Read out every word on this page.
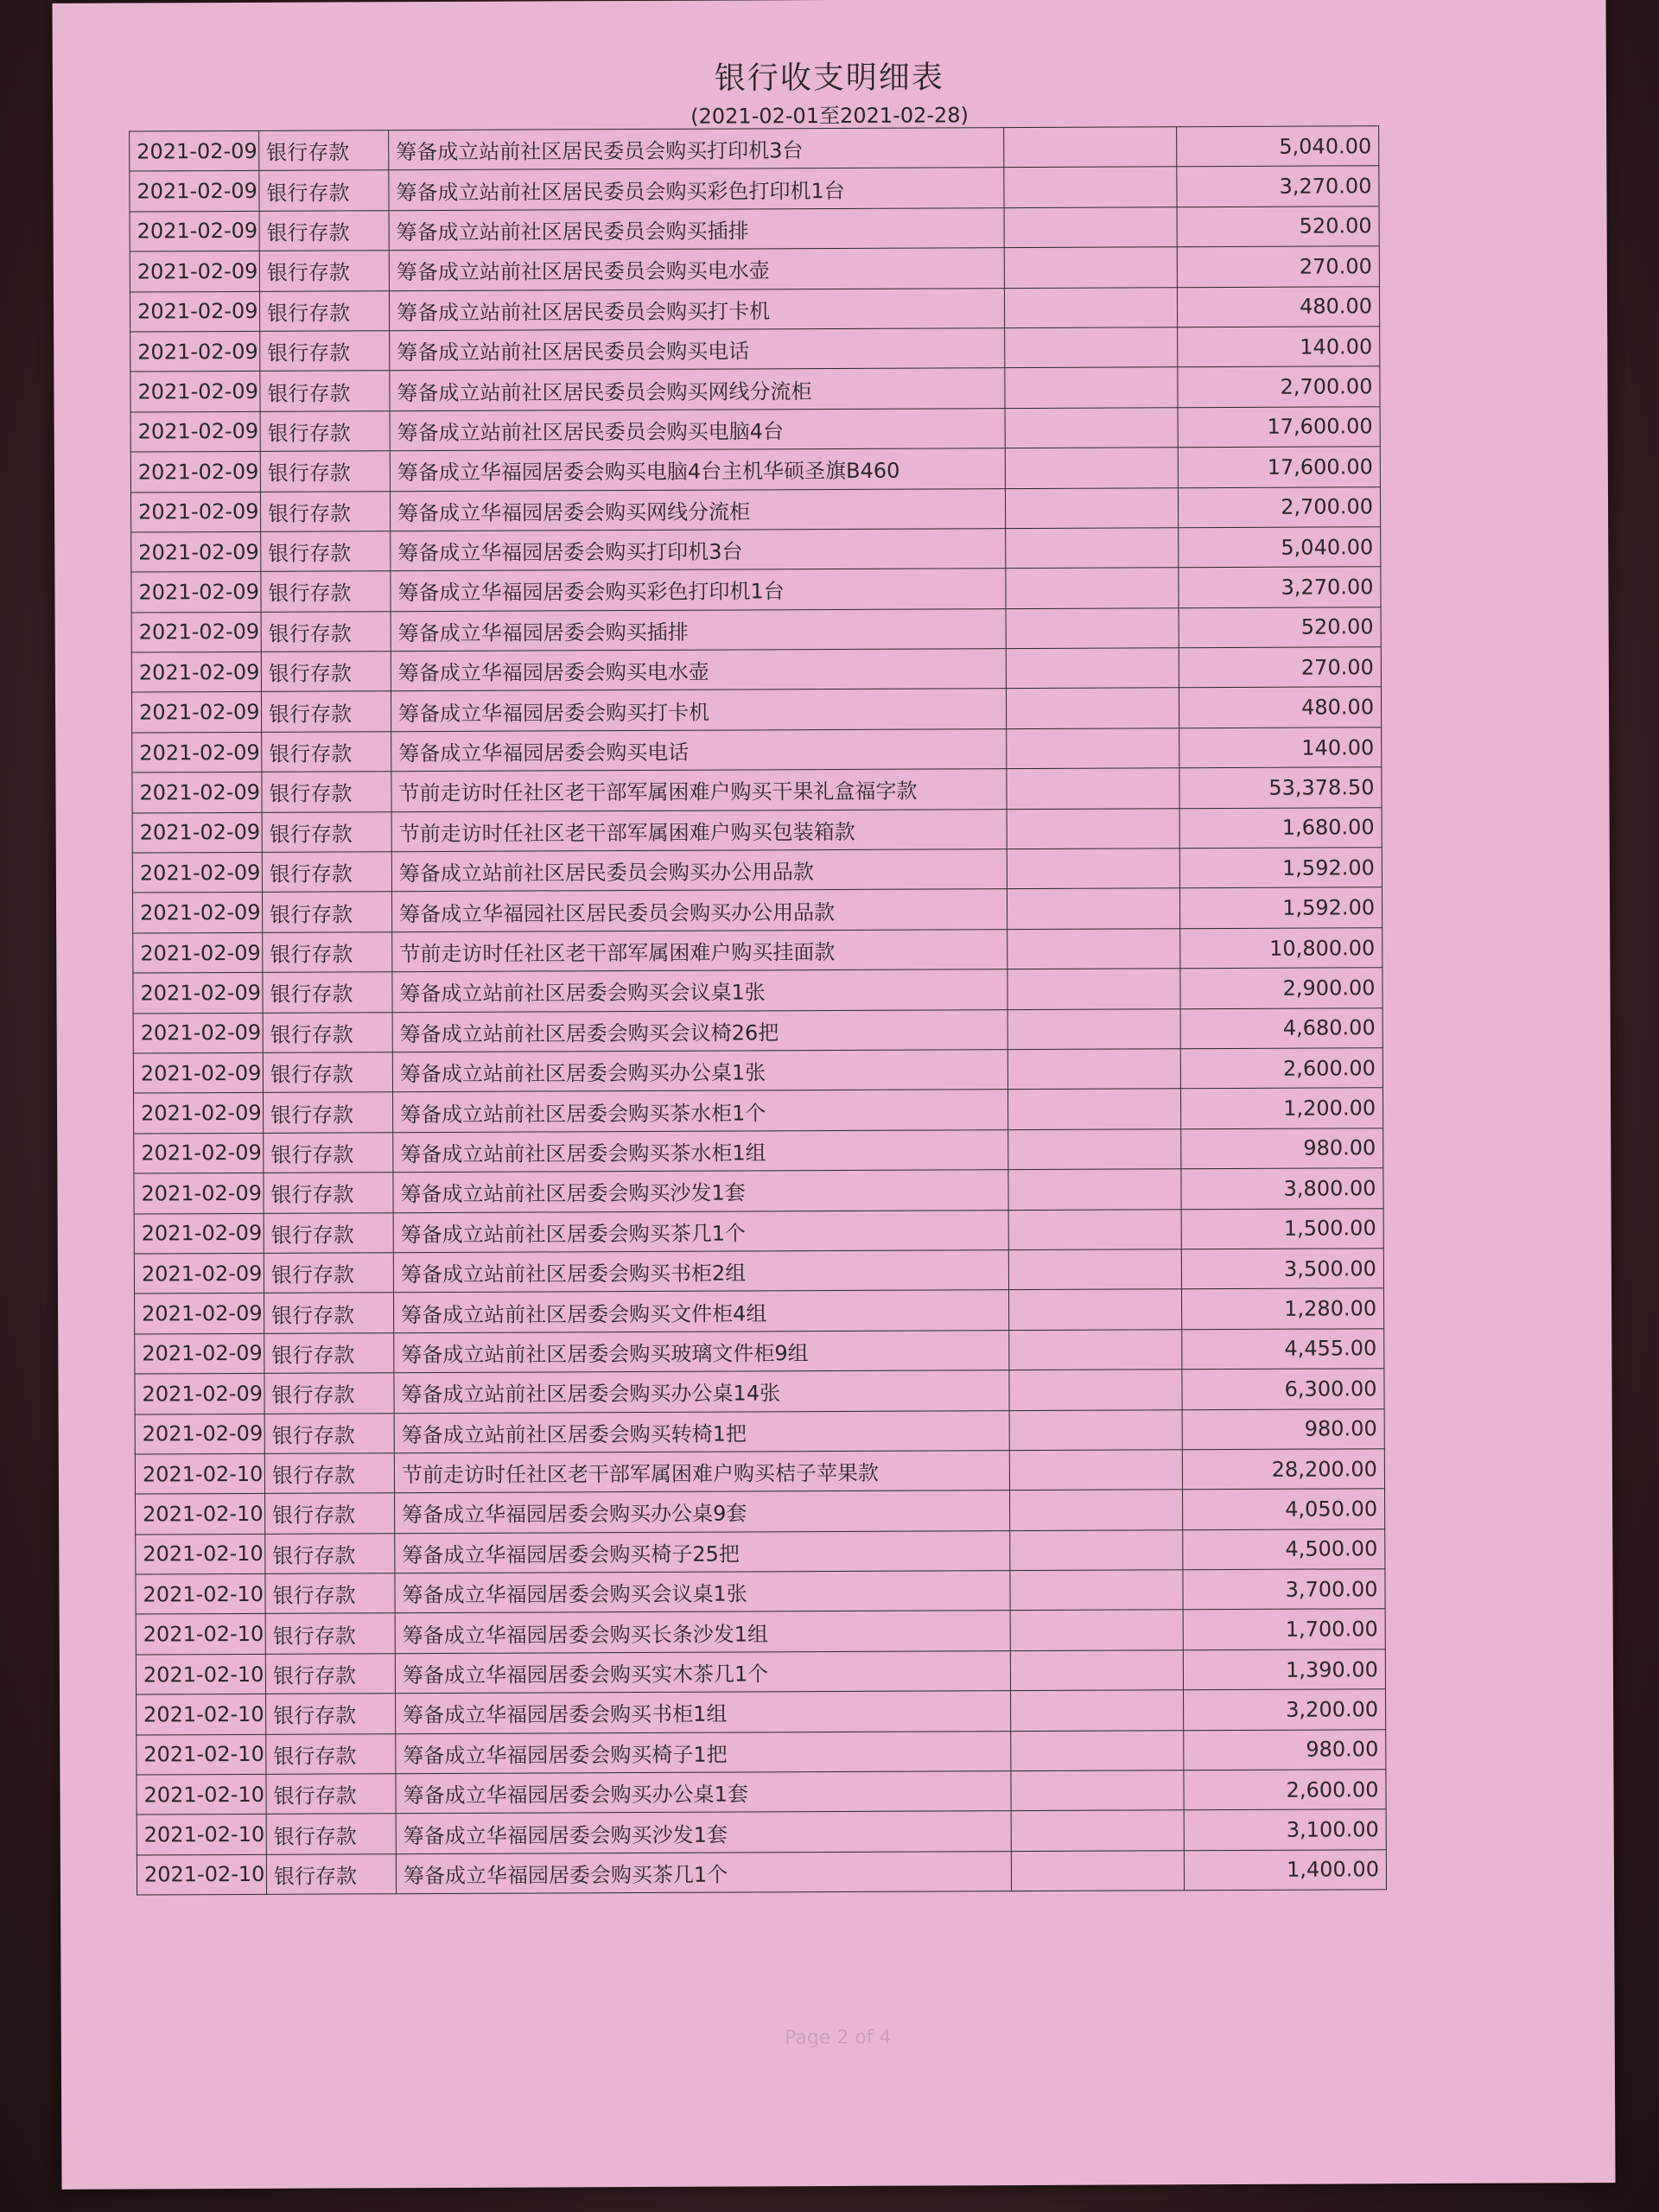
银行收支明细表
(2021-02-01至2021-02-28)
2021-02-09	银行存款	筹备成立站前社区居民委员会购买打印机3台		5,040.00
2021-02-09	银行存款	筹备成立站前社区居民委员会购买彩色打印机1台		3,270.00
2021-02-09	银行存款	筹备成立站前社区居民委员会购买插排		520.00
2021-02-09	银行存款	筹备成立站前社区居民委员会购买电水壶		270.00
2021-02-09	银行存款	筹备成立站前社区居民委员会购买打卡机		480.00
2021-02-09	银行存款	筹备成立站前社区居民委员会购买电话		140.00
2021-02-09	银行存款	筹备成立站前社区居民委员会购买网线分流柜		2,700.00
2021-02-09	银行存款	筹备成立站前社区居民委员会购买电脑4台		17,600.00
2021-02-09	银行存款	筹备成立华福园居委会购买电脑4台主机华硕圣旗B460		17,600.00
2021-02-09	银行存款	筹备成立华福园居委会购买网线分流柜		2,700.00
2021-02-09	银行存款	筹备成立华福园居委会购买打印机3台		5,040.00
2021-02-09	银行存款	筹备成立华福园居委会购买彩色打印机1台		3,270.00
2021-02-09	银行存款	筹备成立华福园居委会购买插排		520.00
2021-02-09	银行存款	筹备成立华福园居委会购买电水壶		270.00
2021-02-09	银行存款	筹备成立华福园居委会购买打卡机		480.00
2021-02-09	银行存款	筹备成立华福园居委会购买电话		140.00
2021-02-09	银行存款	节前走访时任社区老干部军属困难户购买干果礼盒福字款		53,378.50
2021-02-09	银行存款	节前走访时任社区老干部军属困难户购买包装箱款		1,680.00
2021-02-09	银行存款	筹备成立站前社区居民委员会购买办公用品款		1,592.00
2021-02-09	银行存款	筹备成立华福园社区居民委员会购买办公用品款		1,592.00
2021-02-09	银行存款	节前走访时任社区老干部军属困难户购买挂面款		10,800.00
2021-02-09	银行存款	筹备成立站前社区居委会购买会议桌1张		2,900.00
2021-02-09	银行存款	筹备成立站前社区居委会购买会议椅26把		4,680.00
2021-02-09	银行存款	筹备成立站前社区居委会购买办公桌1张		2,600.00
2021-02-09	银行存款	筹备成立站前社区居委会购买茶水柜1个		1,200.00
2021-02-09	银行存款	筹备成立站前社区居委会购买茶水柜1组		980.00
2021-02-09	银行存款	筹备成立站前社区居委会购买沙发1套		3,800.00
2021-02-09	银行存款	筹备成立站前社区居委会购买茶几1个		1,500.00
2021-02-09	银行存款	筹备成立站前社区居委会购买书柜2组		3,500.00
2021-02-09	银行存款	筹备成立站前社区居委会购买文件柜4组		1,280.00
2021-02-09	银行存款	筹备成立站前社区居委会购买玻璃文件柜9组		4,455.00
2021-02-09	银行存款	筹备成立站前社区居委会购买办公桌14张		6,300.00
2021-02-09	银行存款	筹备成立站前社区居委会购买转椅1把		980.00
2021-02-10	银行存款	节前走访时任社区老干部军属困难户购买桔子苹果款		28,200.00
2021-02-10	银行存款	筹备成立华福园居委会购买办公桌9套		4,050.00
2021-02-10	银行存款	筹备成立华福园居委会购买椅子25把		4,500.00
2021-02-10	银行存款	筹备成立华福园居委会购买会议桌1张		3,700.00
2021-02-10	银行存款	筹备成立华福园居委会购买长条沙发1组		1,700.00
2021-02-10	银行存款	筹备成立华福园居委会购买实木茶几1个		1,390.00
2021-02-10	银行存款	筹备成立华福园居委会购买书柜1组		3,200.00
2021-02-10	银行存款	筹备成立华福园居委会购买椅子1把		980.00
2021-02-10	银行存款	筹备成立华福园居委会购买办公桌1套		2,600.00
2021-02-10	银行存款	筹备成立华福园居委会购买沙发1套		3,100.00
2021-02-10	银行存款	筹备成立华福园居委会购买茶几1个		1,400.00
Page 2 of 4
